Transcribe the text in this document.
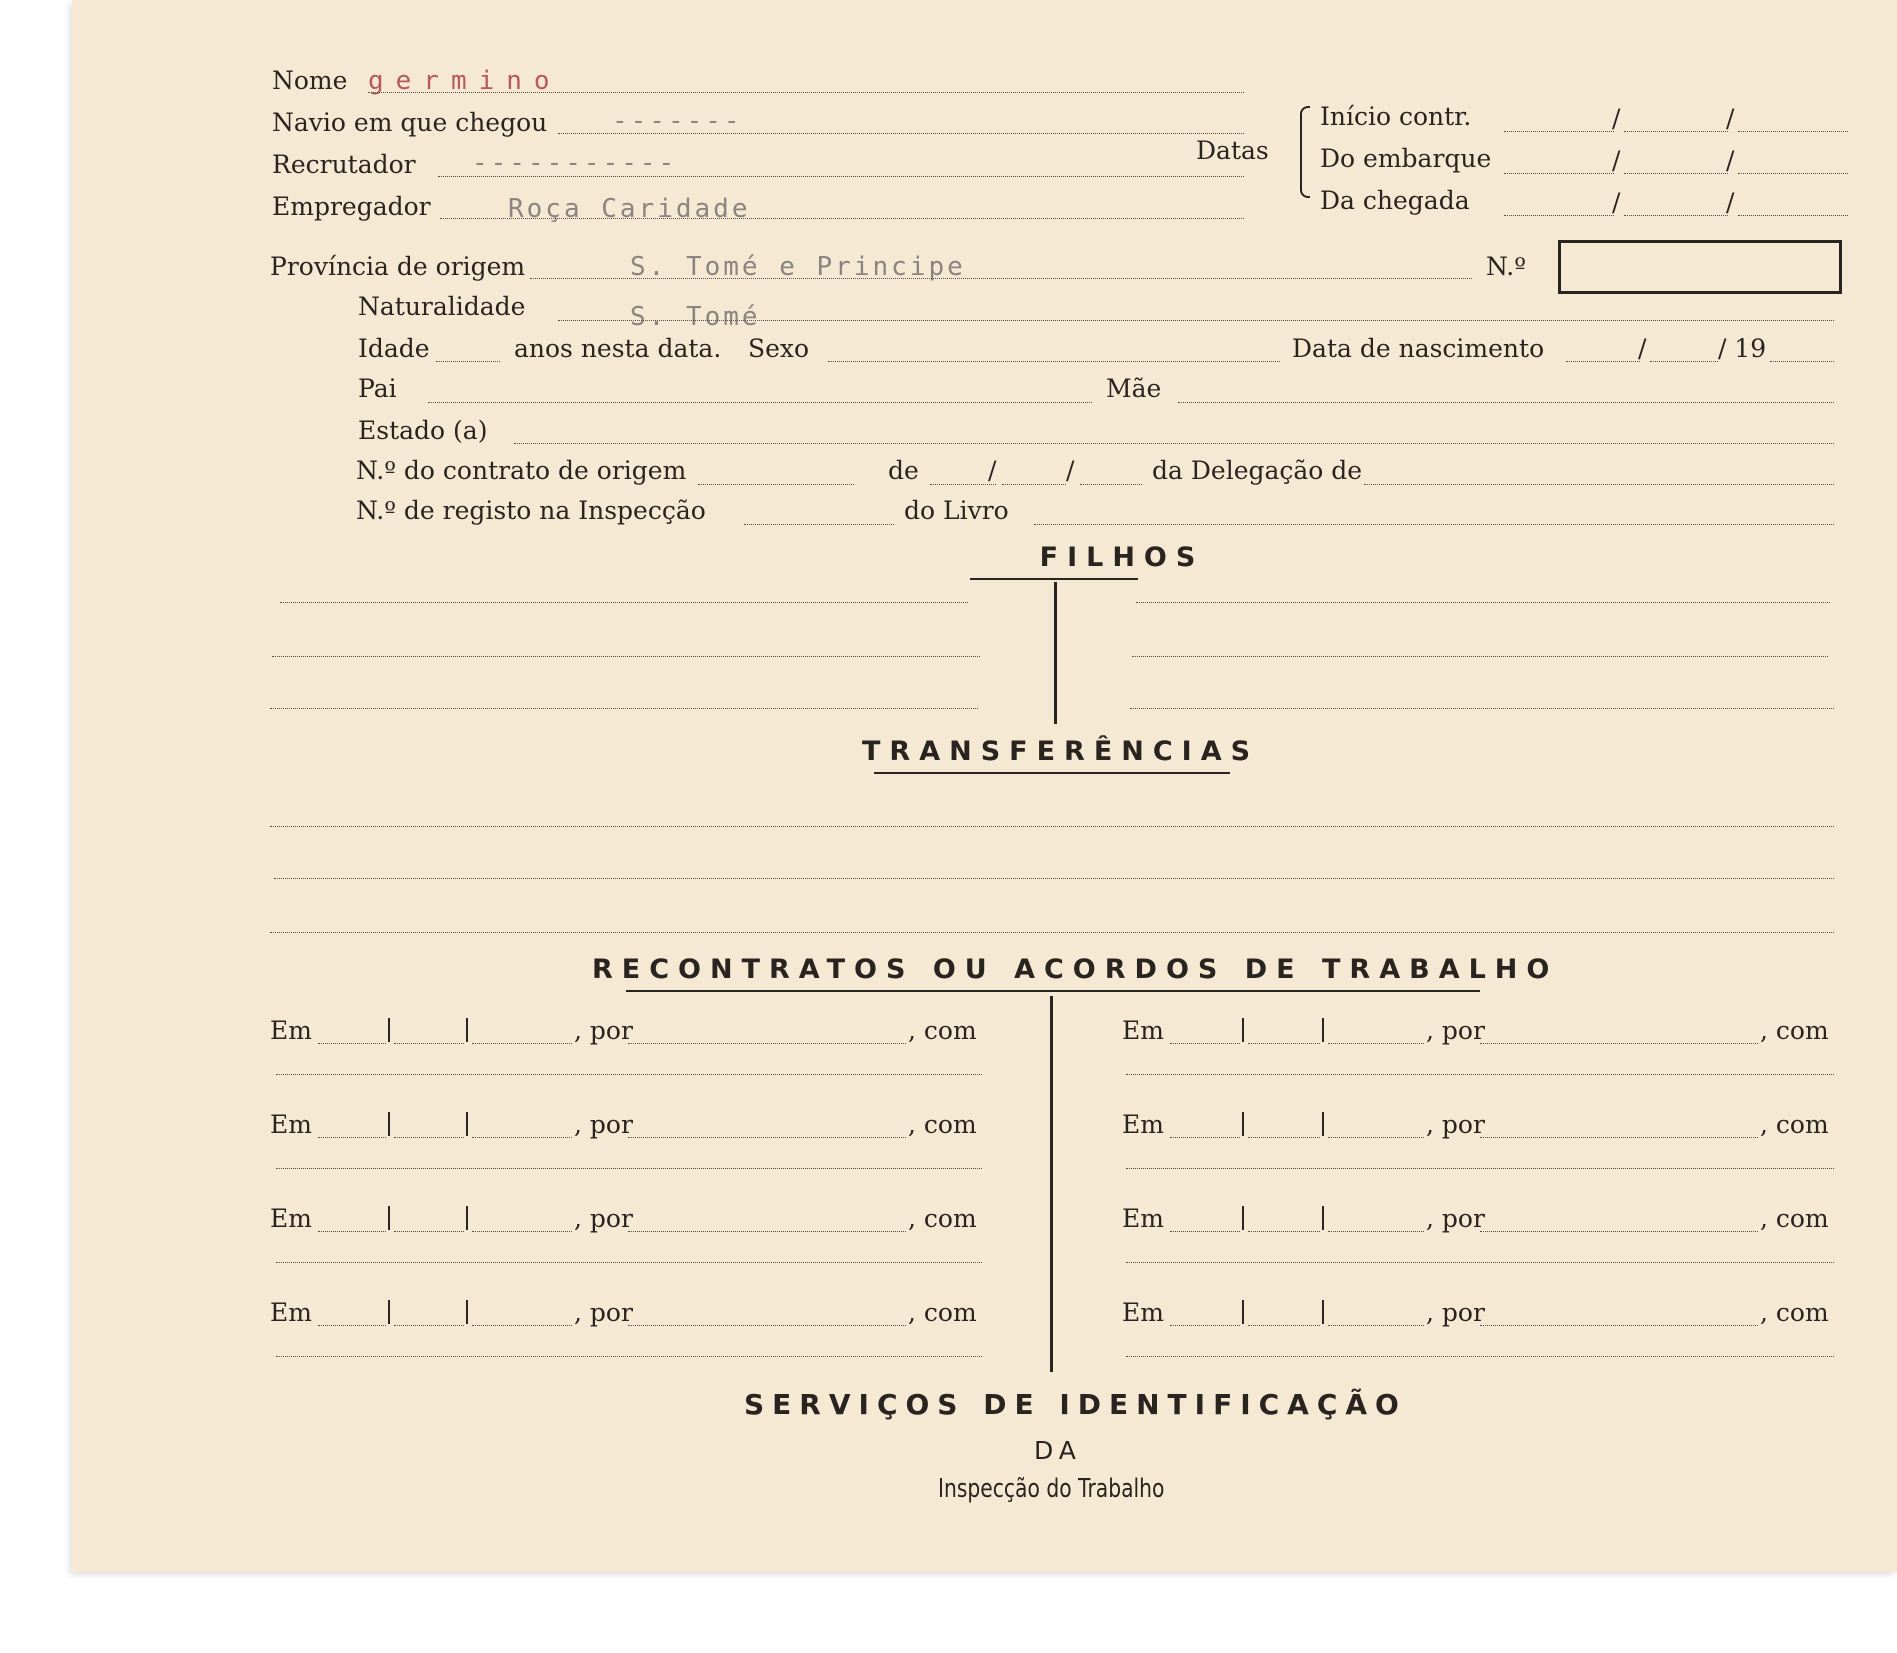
Nome germino
Navio em que chegou -------
Recrutador -----------
Empregador	Roça Caridade
Datas
Início contr.	/	/
Do embarque	/	/
Da chegada	/	/
Província de origem	S. Tomé e Principe	N.º
Naturalidade	S. Tomé
Idade	anos nesta data. Sexo	Data de nascimento	/	/ 19
Pai	Mãe
Estado (a)
N.º do contrato de origem	de	/	/	da Delegação de
N.º de registo na Inspecção	do Livro
FILHOS
TRANSFERÊNCIAS
RECONTRATOS OU ACORDOS DE TRABALHO
Em	, por	, com
Em	, por	, com
Em	, por	, com
Em	, por	, com
Em	, por	, com
Em	, por	, com
Em	, por	, com
Em	, por	, com
SERVIÇOS DE IDENTIFICAÇÃO
DA
Inspecção do Trabalho
